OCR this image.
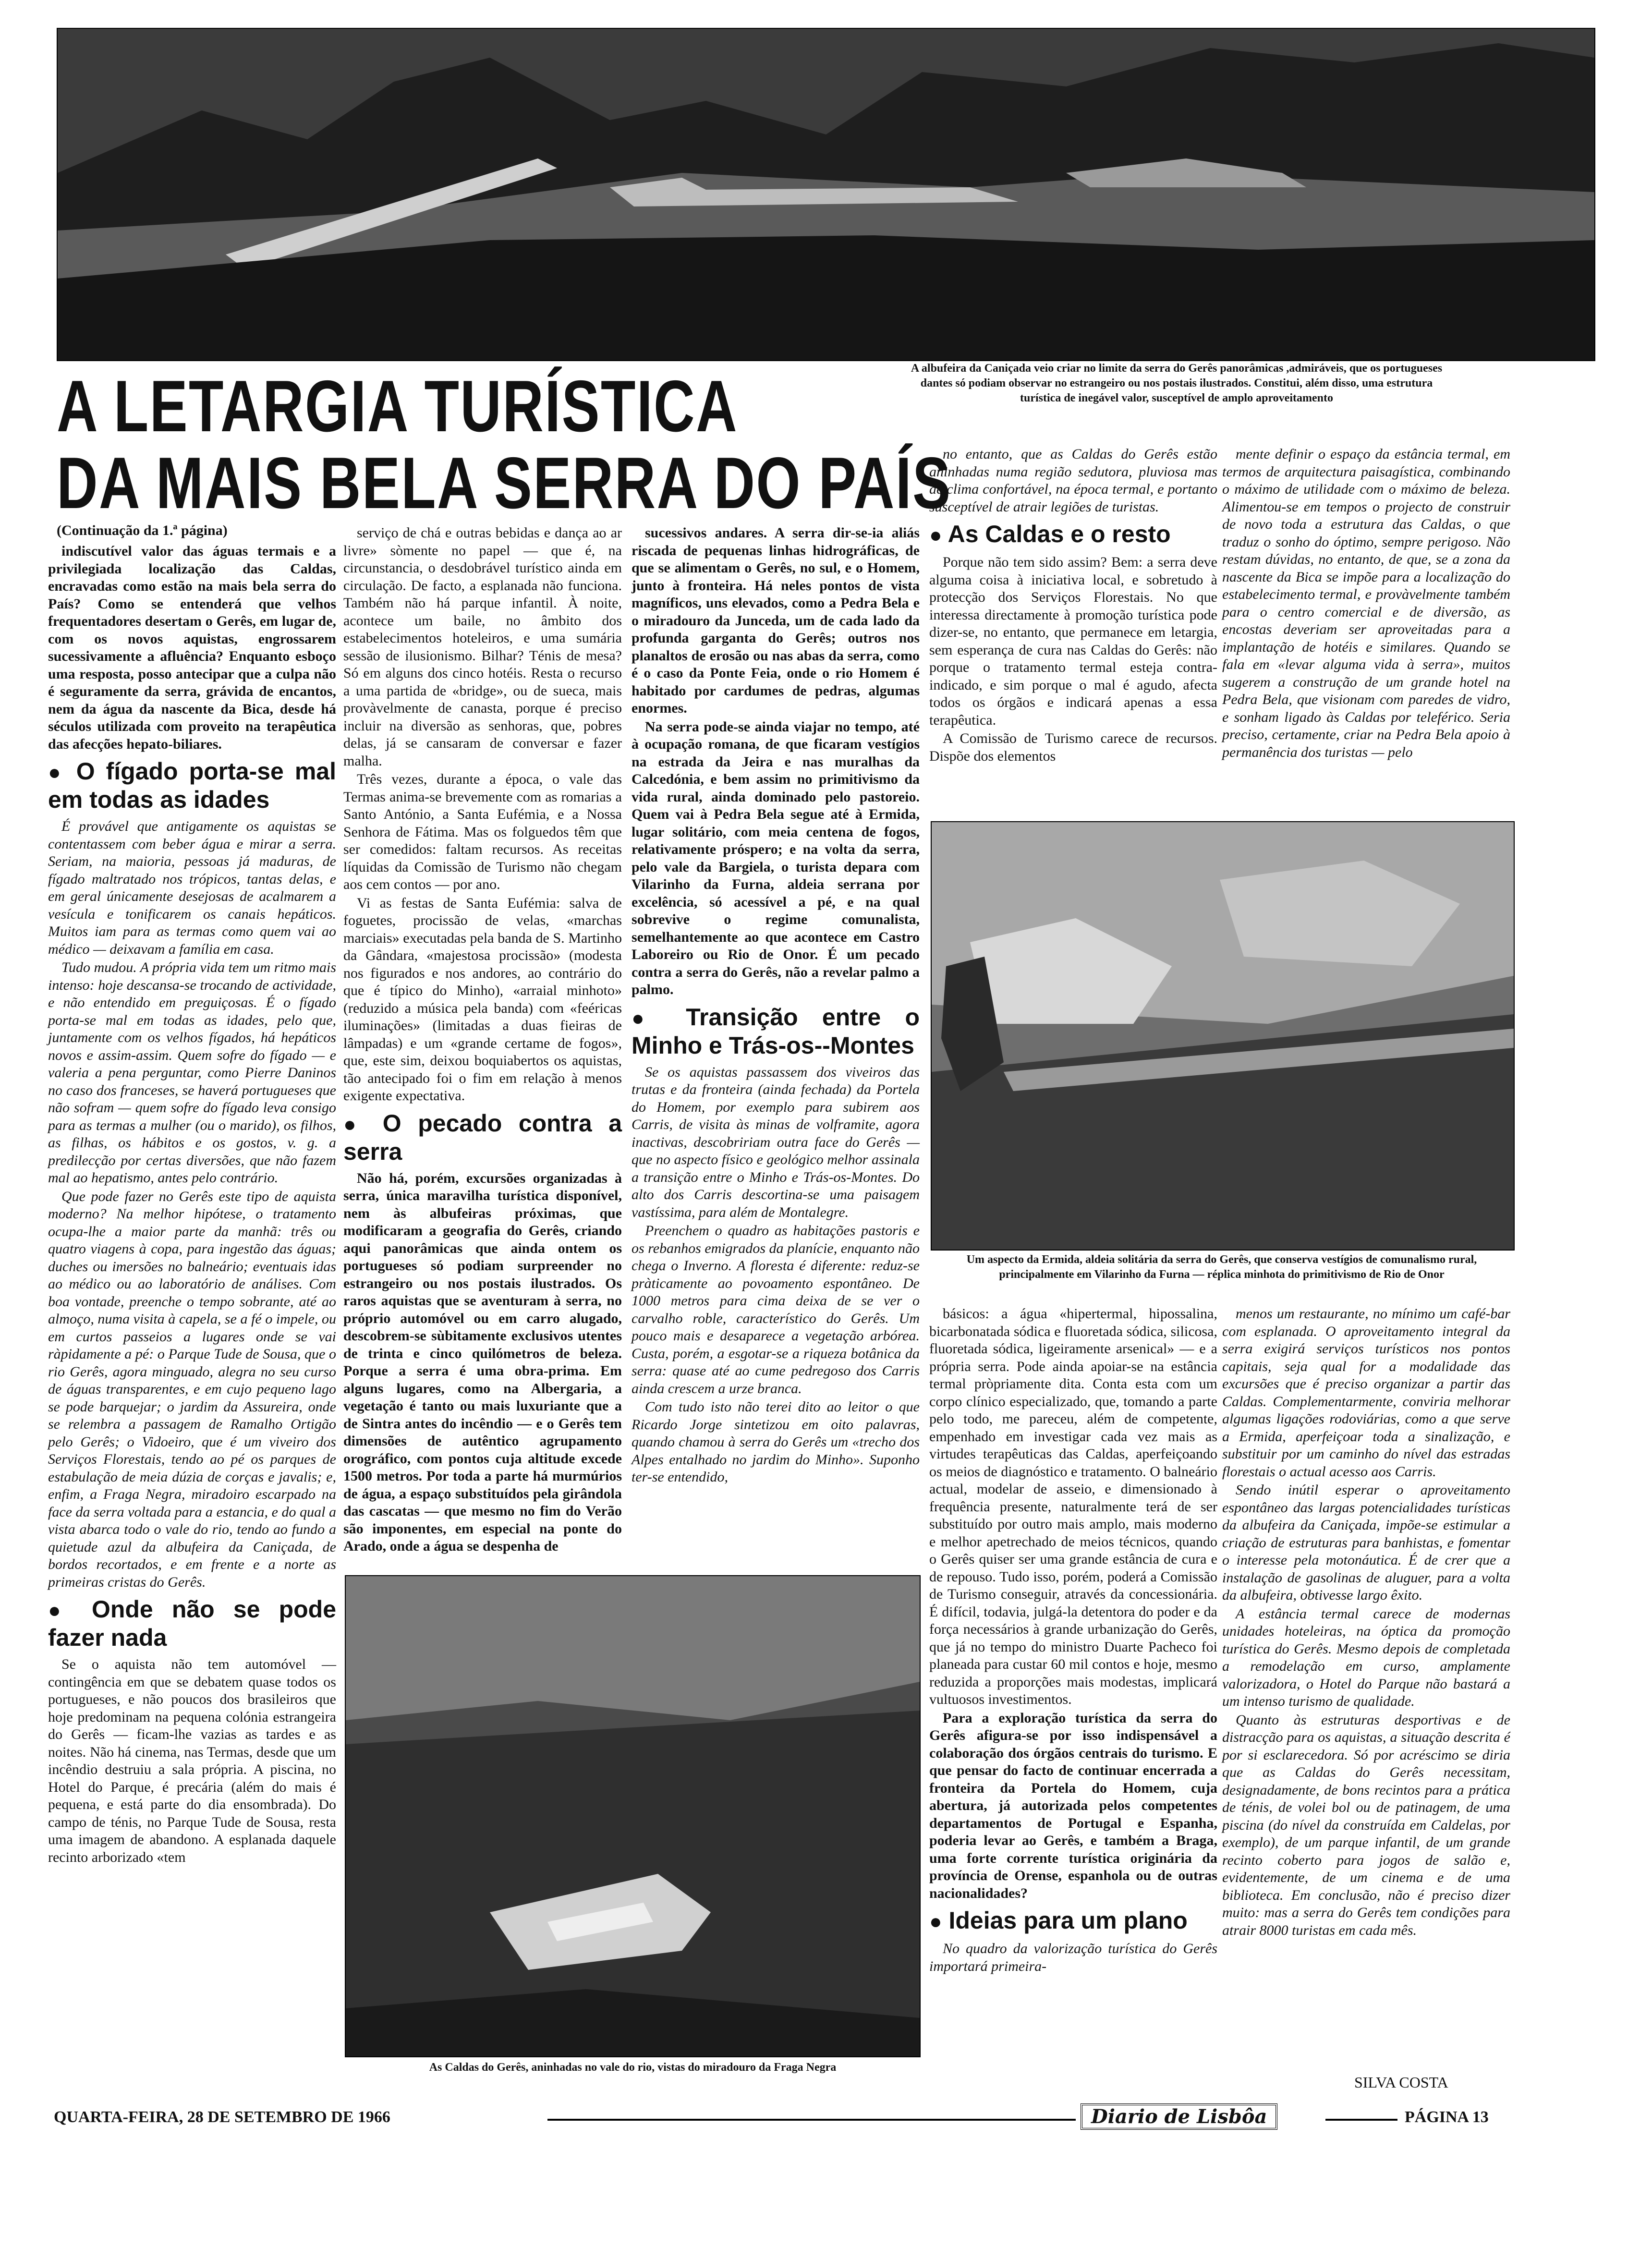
A albufeira da Caniçada veio criar no limite da serra do Gerês panorâmicas ,admiráveis, que os portugueses dantes só podiam observar no estrangeiro ou nos postais ilustrados. Constitui, além disso, uma estrutura turística de inegável valor, susceptível de amplo aproveitamento
A LETARGIA TURÍSTICA
DA MAIS BELA SERRA DO PAÍS
(Continuação da 1.ª página)

indiscutível valor das águas termais e a privilegiada localização das Caldas, encravadas como estão na mais bela serra do País? Como se entenderá que velhos frequentadores desertam o Gerês, em lugar de, com os novos aquistas, engrossarem sucessivamente a afluência? Enquanto esboço uma resposta, posso antecipar que a culpa não é seguramente da serra, grávida de encantos, nem da água da nascente da Bica, desde há séculos utilizada com proveito na terapêutica das afecções hepato-biliares.

● O fígado porta-se mal em todas as idades

É provável que antigamente os aquistas se contentassem com beber água e mirar a serra. Seriam, na maioria, pessoas já maduras, de fígado maltratado nos trópicos, tantas delas, e em geral únicamente desejosas de acalmarem a vesícula e tonificarem os canais hepáticos. Muitos iam para as termas como quem vai ao médico — deixavam a família em casa.

Tudo mudou. A própria vida tem um ritmo mais intenso: hoje descansa-se trocando de actividade, e não entendido em preguiçosas. É o fígado porta-se mal em todas as idades, pelo que, juntamente com os velhos fígados, há hepáticos novos e assim-assim. Quem sofre do fígado — e valeria a pena perguntar, como Pierre Daninos no caso dos franceses, se haverá portugueses que não sofram — quem sofre do fígado leva consigo para as termas a mulher (ou o marido), os filhos, as filhas, os hábitos e os gostos, v. g. a predilecção por certas diversões, que não fazem mal ao hepatismo, antes pelo contrário.

Que pode fazer no Gerês este tipo de aquista moderno? Na melhor hipótese, o tratamento ocupa-lhe a maior parte da manhã: três ou quatro viagens à copa, para ingestão das águas; duches ou imersões no balneário; eventuais idas ao médico ou ao laboratório de análises. Com boa vontade, preenche o tempo sobrante, até ao almoço, numa visita à capela, se a fé o impele, ou em curtos passeios a lugares onde se vai ràpidamente a pé: o Parque Tude de Sousa, que o rio Gerês, agora minguado, alegra no seu curso de águas transparentes, e em cujo pequeno lago se pode barquejar; o jardim da Assureira, onde se relembra a passagem de Ramalho Ortigão pelo Gerês; o Vidoeiro, que é um viveiro dos Serviços Florestais, tendo ao pé os parques de estabulação de meia dúzia de corças e javalis; e, enfim, a Fraga Negra, miradoiro escarpado na face da serra voltada para a estancia, e do qual a vista abarca todo o vale do rio, tendo ao fundo a quietude azul da albufeira da Caniçada, de bordos recortados, e em frente e a norte as primeiras cristas do Gerês.

● Onde não se pode fazer nada

Se o aquista não tem automóvel — contingência em que se debatem quase todos os portugueses, e não poucos dos brasileiros que hoje predominam na pequena colónia estrangeira do Gerês — ficam-lhe vazias as tardes e as noites. Não há cinema, nas Termas, desde que um incêndio destruiu a sala própria. A piscina, no Hotel do Parque, é precária (além do mais é pequena, e está parte do dia ensombrada). Do campo de ténis, no Parque Tude de Sousa, resta uma imagem de abandono. A esplanada daquele recinto arborizado «tem

serviço de chá e outras bebidas e dança ao ar livre» sòmente no papel — que é, na circunstancia, o desdobrável turístico ainda em circulação. De facto, a esplanada não funciona. Também não há parque infantil. À noite, acontece um baile, no âmbito dos estabelecimentos hoteleiros, e uma sumária sessão de ilusionismo. Bilhar? Ténis de mesa? Só em alguns dos cinco hotéis. Resta o recurso a uma partida de «bridge», ou de sueca, mais provàvelmente de canasta, porque é preciso incluir na diversão as senhoras, que, pobres delas, já se cansaram de conversar e fazer malha.

Três vezes, durante a época, o vale das Termas anima-se brevemente com as romarias a Santo António, a Santa Eufémia, e a Nossa Senhora de Fátima. Mas os folguedos têm que ser comedidos: faltam recursos. As receitas líquidas da Comissão de Turismo não chegam aos cem contos — por ano.

Vi as festas de Santa Eufémia: salva de foguetes, procissão de velas, «marchas marciais» executadas pela banda de S. Martinho da Gândara, «majestosa procissão» (modesta nos figurados e nos andores, ao contrário do que é típico do Minho), «arraial minhoto» (reduzido a música pela banda) com «feéricas iluminações» (limitadas a duas fieiras de lâmpadas) e um «grande certame de fogos», que, este sim, deixou boquiabertos os aquistas, tão antecipado foi o fim em relação à menos exigente expectativa.

● O pecado contra a serra

Não há, porém, excursões organizadas à serra, única maravilha turística disponível, nem às albufeiras próximas, que modificaram a geografia do Gerês, criando aqui panorâmicas que ainda ontem os portugueses só podiam surpreender no estrangeiro ou nos postais ilustrados. Os raros aquistas que se aventuram à serra, no próprio automóvel ou em carro alugado, descobrem-se sùbitamente exclusivos utentes de trinta e cinco quilómetros de beleza. Porque a serra é uma obra-prima. Em alguns lugares, como na Albergaria, a vegetação é tanto ou mais luxuriante que a de Sintra antes do incêndio — e o Gerês tem dimensões de autêntico agrupamento orográfico, com pontos cuja altitude excede 1500 metros. Por toda a parte há murmúrios de água, a espaço substituídos pela girândola das cascatas — que mesmo no fim do Verão são imponentes, em especial na ponte do Arado, onde a água se despenha de

sucessivos andares. A serra dir-se-ia aliás riscada de pequenas linhas hidrográficas, de que se alimentam o Gerês, no sul, e o Homem, junto à fronteira. Há neles pontos de vista magníficos, uns elevados, como a Pedra Bela e o miradouro da Junceda, um de cada lado da profunda garganta do Gerês; outros nos planaltos de erosão ou nas abas da serra, como é o caso da Ponte Feia, onde o rio Homem é habitado por cardumes de pedras, algumas enormes.

Na serra pode-se ainda viajar no tempo, até à ocupação romana, de que ficaram vestígios na estrada da Jeira e nas muralhas da Calcedónia, e bem assim no primitivismo da vida rural, ainda dominado pelo pastoreio. Quem vai à Pedra Bela segue até à Ermida, lugar solitário, com meia centena de fogos, relativamente próspero; e na volta da serra, pelo vale da Bargiela, o turista depara com Vilarinho da Furna, aldeia serrana por excelência, só acessível a pé, e na qual sobrevive o regime comunalista, semelhantemente ao que acontece em Castro Laboreiro ou Rio de Onor. É um pecado contra a serra do Gerês, não a revelar palmo a palmo.

● Transição entre o Minho e Trás-os--Montes

Se os aquistas passassem dos viveiros das trutas e da fronteira (ainda fechada) da Portela do Homem, por exemplo para subirem aos Carris, de visita às minas de volframite, agora inactivas, descobririam outra face do Gerês — que no aspecto físico e geológico melhor assinala a transição entre o Minho e Trás-os-Montes. Do alto dos Carris descortina-se uma paisagem vastíssima, para além de Montalegre.

Preenchem o quadro as habitações pastoris e os rebanhos emigrados da planície, enquanto não chega o Inverno. A floresta é diferente: reduz-se pràticamente ao povoamento espontâneo. De 1000 metros para cima deixa de se ver o carvalho roble, característico do Gerês. Um pouco mais e desaparece a vegetação arbórea. Custa, porém, a esgotar-se a riqueza botânica da serra: quase até ao cume pedregoso dos Carris ainda crescem a urze branca.

Com tudo isto não terei dito ao leitor o que Ricardo Jorge sintetizou em oito palavras, quando chamou à serra do Gerês um «trecho dos Alpes entalhado no jardim do Minho». Suponho ter-se entendido,

no entanto, que as Caldas do Gerês estão aninhadas numa região sedutora, pluviosa mas de clima confortável, na época termal, e portanto susceptível de atrair legiões de turistas.

● As Caldas e o resto

Porque não tem sido assim? Bem: a serra deve alguma coisa à iniciativa local, e sobretudo à protecção dos Serviços Florestais. No que interessa directamente à promoção turística pode dizer-se, no entanto, que permanece em letargia, sem esperança de cura nas Caldas do Gerês: não porque o tratamento termal esteja contra-indicado, e sim porque o mal é agudo, afecta todos os órgãos e indicará apenas a essa terapêutica.

A Comissão de Turismo carece de recursos. Dispõe dos elementos

mente definir o espaço da estância termal, em termos de arquitectura paisagística, combinando o máximo de utilidade com o máximo de beleza. Alimentou-se em tempos o projecto de construir de novo toda a estrutura das Caldas, o que traduz o sonho do óptimo, sempre perigoso. Não restam dúvidas, no entanto, de que, se a zona da nascente da Bica se impõe para a localização do estabelecimento termal, e provàvelmente também para o centro comercial e de diversão, as encostas deveriam ser aproveitadas para a implantação de hotéis e similares. Quando se fala em «levar alguma vida à serra», muitos sugerem a construção de um grande hotel na Pedra Bela, que visionam com paredes de vidro, e sonham ligado às Caldas por teleférico. Seria preciso, certamente, criar na Pedra Bela apoio à permanência dos turistas — pelo

Um aspecto da Ermida, aldeia solitária da serra do Gerês, que conserva vestígios de comunalismo rural, principalmente em Vilarinho da Furna — réplica minhota do primitivismo de Rio de Onor

básicos: a água «hipertermal, hipossalina, bicarbonatada sódica e fluoretada sódica, silicosa, fluoretada sódica, ligeiramente arsenical» — e a própria serra. Pode ainda apoiar-se na estância termal pròpriamente dita. Conta esta com um corpo clínico especializado, que, tomando a parte pelo todo, me pareceu, além de competente, empenhado em investigar cada vez mais as virtudes terapêuticas das Caldas, aperfeiçoando os meios de diagnóstico e tratamento. O balneário actual, modelar de asseio, e dimensionado à frequência presente, naturalmente terá de ser substituído por outro mais amplo, mais moderno e melhor apetrechado de meios técnicos, quando o Gerês quiser ser uma grande estância de cura e de repouso. Tudo isso, porém, poderá a Comissão de Turismo conseguir, através da concessionária. É difícil, todavia, julgá-la detentora do poder e da força necessários à grande urbanização do Gerês, que já no tempo do ministro Duarte Pacheco foi planeada para custar 60 mil contos e hoje, mesmo reduzida a proporções mais modestas, implicará vultuosos investimentos.

Para a exploração turística da serra do Gerês afigura-se por isso indispensável a colaboração dos órgãos centrais do turismo. E que pensar do facto de continuar encerrada a fronteira da Portela do Homem, cuja abertura, já autorizada pelos competentes departamentos de Portugal e Espanha, poderia levar ao Gerês, e também a Braga, uma forte corrente turística originária da província de Orense, espanhola ou de outras nacionalidades?

● Ideias para um plano

No quadro da valorização turística do Gerês importará primeira-

menos um restaurante, no mínimo um café-bar com esplanada. O aproveitamento integral da serra exigirá serviços turísticos nos pontos capitais, seja qual for a modalidade das excursões que é preciso organizar a partir das Caldas. Complementarmente, conviria melhorar algumas ligações rodoviárias, como a que serve a Ermida, aperfeiçoar toda a sinalização, e substituir por um caminho do nível das estradas florestais o actual acesso aos Carris.

Sendo inútil esperar o aproveitamento espontâneo das largas potencialidades turísticas da albufeira da Caniçada, impõe-se estimular a criação de estruturas para banhistas, e fomentar o interesse pela motonáutica. É de crer que a instalação de gasolinas de aluguer, para a volta da albufeira, obtivesse largo êxito.

A estância termal carece de modernas unidades hoteleiras, na óptica da promoção turística do Gerês. Mesmo depois de completada a remodelação em curso, amplamente valorizadora, o Hotel do Parque não bastará a um intenso turismo de qualidade.

Quanto às estruturas desportivas e de distracção para os aquistas, a situação descrita é por si esclarecedora. Só por acréscimo se diria que as Caldas do Gerês necessitam, designadamente, de bons recintos para a prática de ténis, de volei bol ou de patinagem, de uma piscina (do nível da construída em Caldelas, por exemplo), de um parque infantil, de um grande recinto coberto para jogos de salão e, evidentemente, de um cinema e de uma biblioteca. Em conclusão, não é preciso dizer muito: mas a serra do Gerês tem condições para atrair 8000 turistas em cada mês.

SILVA COSTA
As Caldas do Gerês, aninhadas no vale do rio, vistas do miradouro da Fraga Negra
QUARTA-FEIRA, 28 DE SETEMBRO DE 1966	Diario de Lisbôa	PÁGINA 13
